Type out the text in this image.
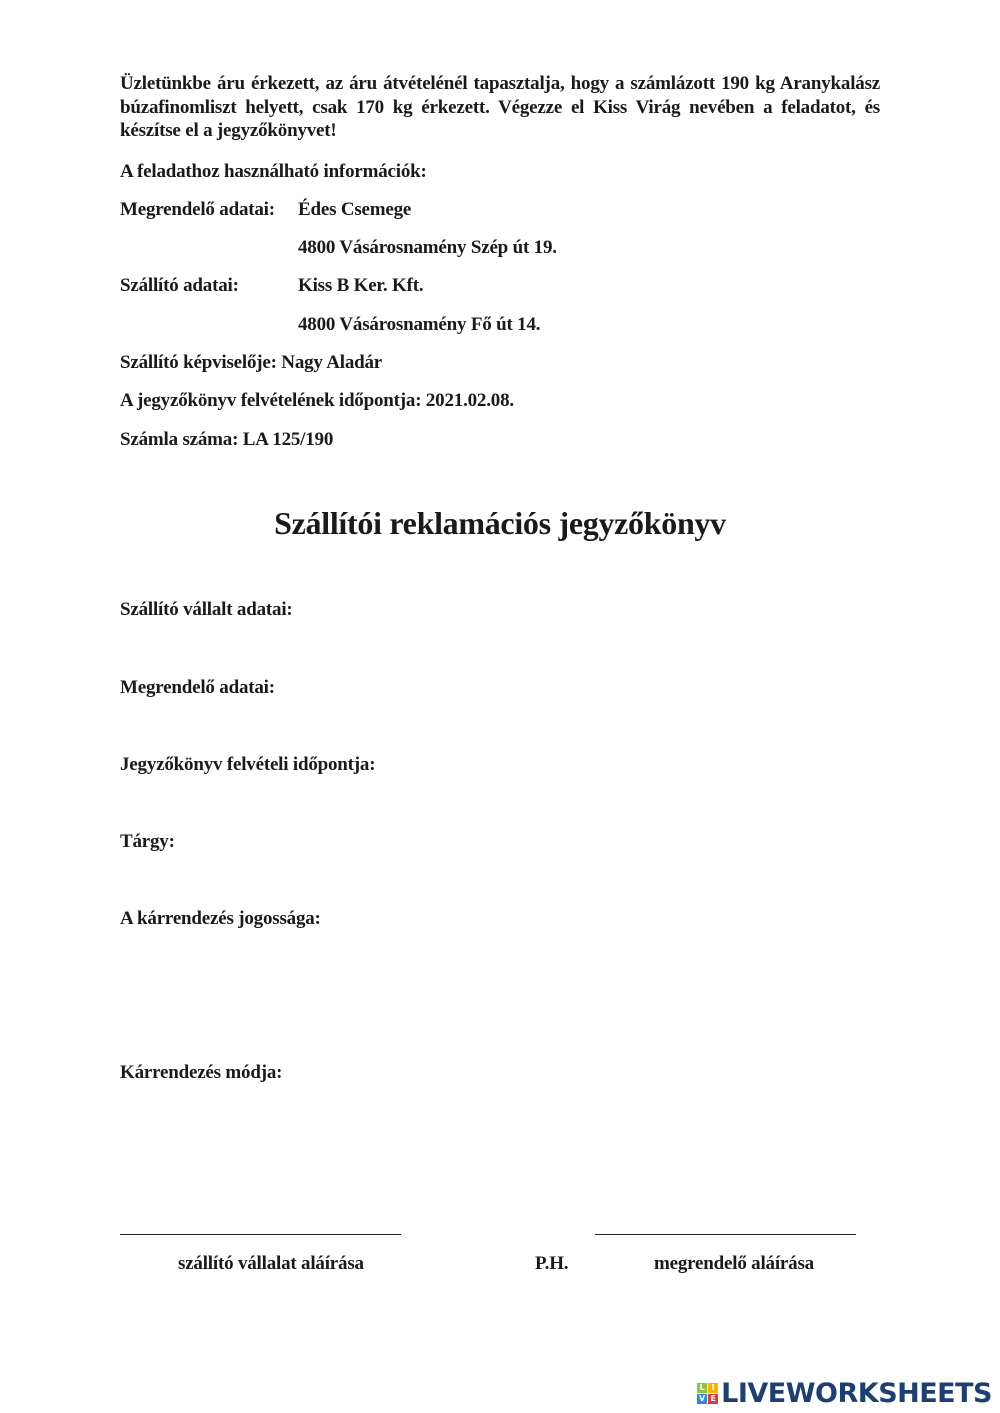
Üzletünkbe áru érkezett, az áru átvételénél tapasztalja, hogy a számlázott 190 kg Aranykalász búzafinomliszt helyett, csak 170 kg érkezett. Végezze el Kiss Virág nevében a feladatot, és készítse el a jegyzőkönyvet!
A feladathoz használható információk:
Megrendelő adatai: Édes Csemege
4800 Vásárosnamény Szép út 19.
Szállító adatai:	Kiss B Ker. Kft.
4800 Vásárosnamény Fő út 14.
Szállító képviselője: Nagy Aladár
A jegyzőkönyv felvételének időpontja: 2021.02.08.
Számla száma: LA 125/190
Szállítói reklamációs jegyzőkönyv
Szállító vállalt adatai:
Megrendelő adatai:
Jegyzőkönyv felvételi időpontja:
Tárgy:
A kárrendezés jogossága:
Kárrendezés módja:
szállító vállalat aláírása	P.H.	megrendelő aláírása
L I
V E LIVEWORKSHEETS
